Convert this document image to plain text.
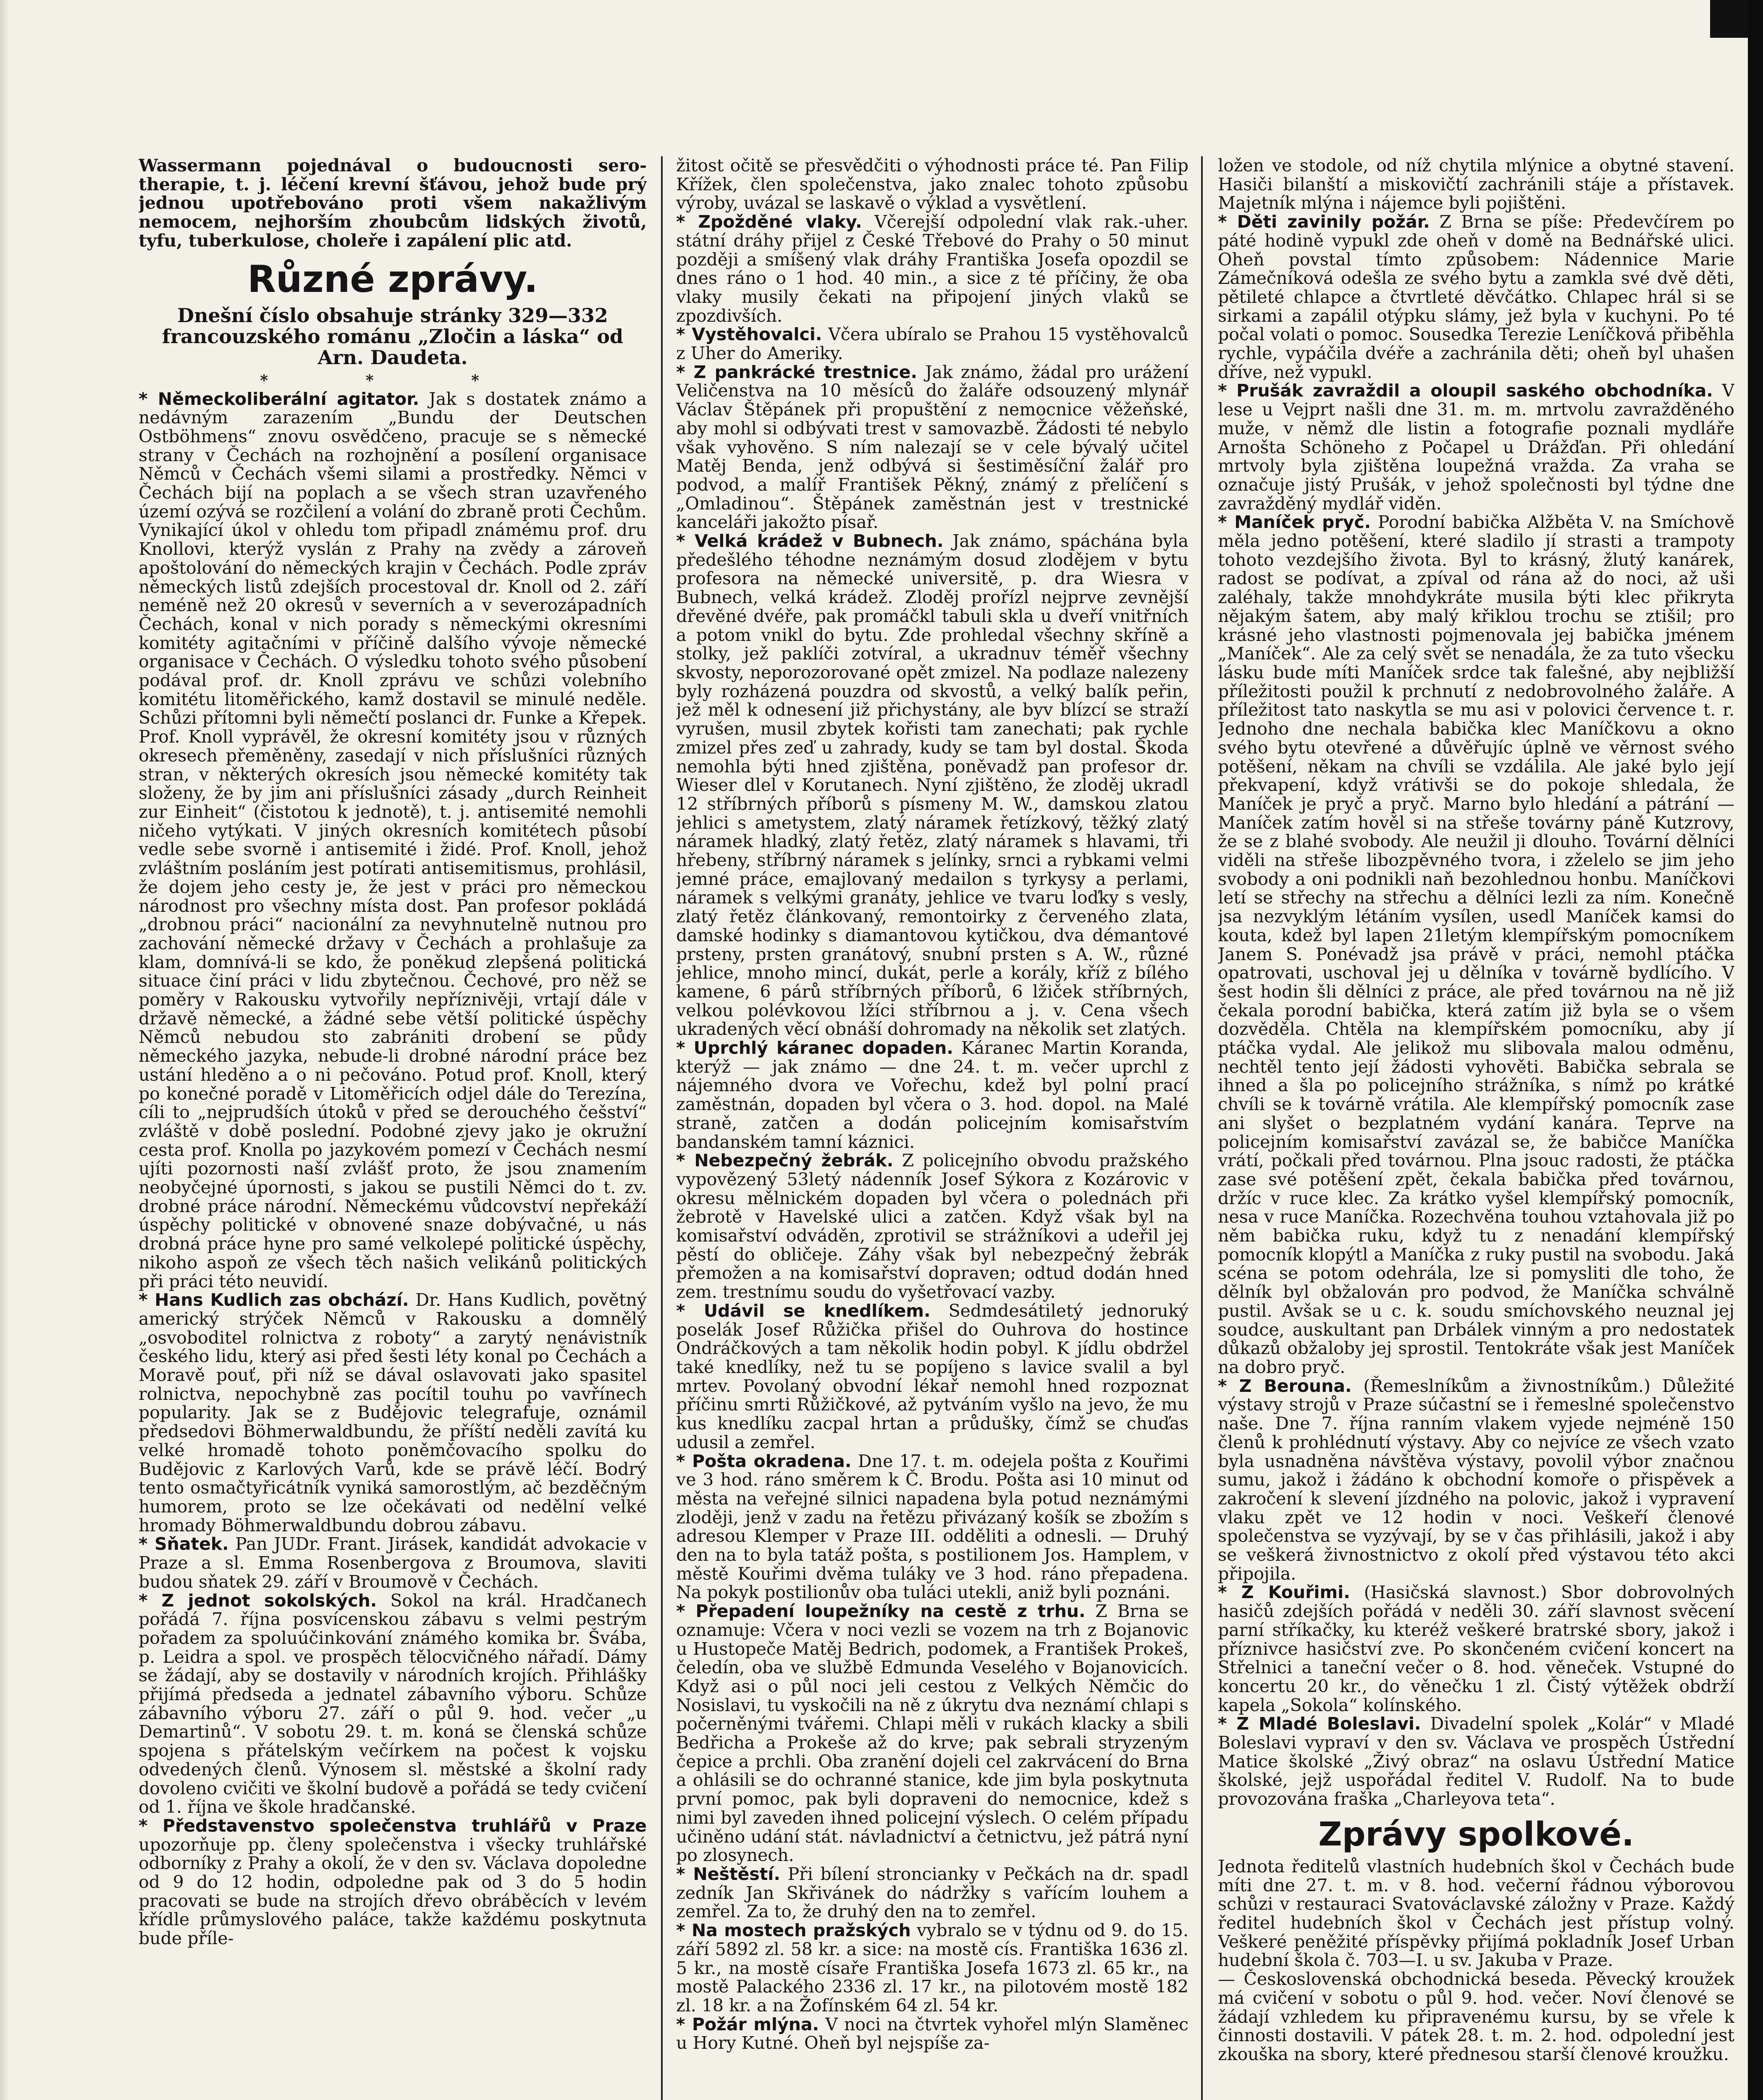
Wassermann pojednával o budoucnosti sero-therapie, t. j. léčení krevní šťávou, jehož bude prý jednou upotřebováno proti všem nakažlivým nemocem, nejhorším zhoubcům lidských životů, tyfu, tuberkulose, choleře i zapálení plic atd.

Různé zprávy.
Dnešní číslo obsahuje stránky 329—332 francouzského románu „Zločin a láska“ od Arn. Daudeta.
* * *

* Německoliberální agitator. Jak s dostatek známo a nedávným zarazením „Bundu der Deutschen Ostböhmens“ znovu osvědčeno, pracuje se s německé strany v Čechách na rozhojnění a posílení organisace Němců v Čechách všemi silami a prostředky. Němci v Čechách bijí na poplach a se všech stran uzavřeného území ozývá se rozčilení a volání do zbraně proti Čechům. Vynikající úkol v ohledu tom připadl známému prof. dru Knollovi, kterýž vyslán z Prahy na zvědy a zároveň apoštolování do německých krajin v Čechách. Podle zpráv německých listů zdejších procestoval dr. Knoll od 2. září neméně než 20 okresů v severních a v severozápadních Čechách, konal v nich porady s německými okresními komitéty agitačními v příčině dalšího vývoje německé organisace v Čechách. O výsledku tohoto svého působení podával prof. dr. Knoll zprávu ve schůzi volebního komitétu litoměřického, kamž dostavil se minulé neděle. Schůzi přítomni byli němečtí poslanci dr. Funke a Křepek. Prof. Knoll vyprávěl, že okresní komitéty jsou v různých okresech přeměněny, zasedají v nich příslušníci různých stran, v některých okresích jsou německé komitéty tak složeny, že by jim ani příslušníci zásady „durch Reinheit zur Einheit“ (čistotou k jednotě), t. j. antisemité nemohli ničeho vytýkati. V jiných okresních komitétech působí vedle sebe svorně i antisemité i židé. Prof. Knoll, jehož zvláštním posláním jest potírati antisemitismus, prohlásil, že dojem jeho cesty je, že jest v práci pro německou národnost pro všechny místa dost. Pan profesor pokládá „drobnou práci“ nacionální za nevyhnutelně nutnou pro zachování německé državy v Čechách a prohlašuje za klam, domnívá-li se kdo, že poněkud zlepšená politická situace činí práci v lidu zbytečnou. Čechové, pro něž se poměry v Rakousku vytvořily nepříznivěji, vrtají dále v državě německé, a žádné sebe větší politické úspěchy Němců nebudou sto zabrániti drobení se půdy německého jazyka, nebude-li drobné národní práce bez ustání hleděno a o ni pečováno. Potud prof. Knoll, který po konečné poradě v Litoměřicích odjel dále do Terezína, cíli to „nejprudších útoků v před se derouchého češství“ zvláště v době poslední. Podobné zjevy jako je okružní cesta prof. Knolla po jazykovém pomezí v Čechách nesmí ujíti pozornosti naší zvlášť proto, že jsou znamením neobyčejné úpornosti, s jakou se pustili Němci do t. zv. drobné práce národní. Německému vůdcovství nepřekáží úspěchy politické v obnovené snaze dobývačné, u nás drobná práce hyne pro samé velkolepé politické úspěchy, nikoho aspoň ze všech těch našich velikánů politických při práci této neuvidí.

* Hans Kudlich zas obchází. Dr. Hans Kudlich, povětný americký strýček Němců v Rakousku a domnělý „osvoboditel rolnictva z roboty“ a zarytý nenávistník českého lidu, který asi před šesti léty konal po Čechách a Moravě pouť, při níž se dával oslavovati jako spasitel rolnictva, nepochybně zas pocítil touhu po vavřínech popularity. Jak se z Budějovic telegrafuje, oznámil předsedovi Böhmerwaldbundu, že příští neděli zavítá ku velké hromadě tohoto poněmčovacího spolku do Budějovic z Karlových Varů, kde se právě léčí. Bodrý tento osmačtyřicátník vyniká samorostlým, ač bezděčným humorem, proto se lze očekávati od nedělní velké hromady Böhmerwaldbundu dobrou zábavu.

* Sňatek. Pan JUDr. Frant. Jirásek, kandidát advokacie v Praze a sl. Emma Rosenbergova z Broumova, slaviti budou sňatek 29. září v Broumově v Čechách.

* Z jednot sokolských. Sokol na král. Hradčanech pořádá 7. října posvícenskou zábavu s velmi pestrým pořadem za spoluúčinkování známého komika br. Švába, p. Leidra a spol. ve prospěch tělocvičného nářadí. Dámy se žádají, aby se dostavily v národních krojích. Přihlášky přijímá předseda a jednatel zábavního výboru. Schůze zábavního výboru 27. září o půl 9. hod. večer „u Demartinů“. V sobotu 29. t. m. koná se členská schůze spojena s přátelským večírkem na počest k vojsku odvedených členů. Výnosem sl. městské a školní rady dovoleno cvičiti ve školní budově a pořádá se tedy cvičení od 1. října ve škole hradčanské.

* Představenstvo společenstva truhlářů v Praze upozorňuje pp. členy společenstva i všecky truhlářské odborníky z Prahy a okolí, že v den sv. Václava dopoledne od 9 do 12 hodin, odpoledne pak od 3 do 5 hodin pracovati se bude na strojích dřevo obráběcích v levém křídle průmyslového paláce, takže každému poskytnuta bude příle-

žitost očitě se přesvědčiti o výhodnosti práce té. Pan Filip Křížek, člen společenstva, jako znalec tohoto způsobu výroby, uvázal se laskavě o výklad a vysvětlení.

* Zpožděné vlaky. Včerejší odpolední vlak rak.-uher. státní dráhy přijel z České Třebové do Prahy o 50 minut později a smíšený vlak dráhy Františka Josefa opozdil se dnes ráno o 1 hod. 40 min., a sice z té příčiny, že oba vlaky musily čekati na připojení jiných vlaků se zpozdivších.

* Vystěhovalci. Včera ubíralo se Prahou 15 vystěhovalců z Uher do Ameriky.

* Z pankrácké trestnice. Jak známo, žádal pro urážení Veličenstva na 10 měsíců do žaláře odsouzený mlynář Václav Štěpánek při propuštění z nemocnice věžeňské, aby mohl si odbývati trest v samovazbě. Žádosti té nebylo však vyhověno. S ním nalezají se v cele bývalý učitel Matěj Benda, jenž odbývá si šestiměsíční žalář pro podvod, a malíř František Pěkný, známý z přelíčení s „Omladinou“. Štěpánek zaměstnán jest v trestnické kanceláři jakožto písař.

* Velká krádež v Bubnech. Jak známo, spáchána byla předešlého téhodne neznámým dosud zlodějem v bytu profesora na německé universitě, p. dra Wiesra v Bubnech, velká krádež. Zloděj prořízl nejprve zevnější dřevěné dvéře, pak promáčkl tabuli skla u dveří vnitřních a potom vnikl do bytu. Zde prohledal všechny skříně a stolky, jež paklíči zotvíral, a ukradnuv téměř všechny skvosty, neporozorované opět zmizel. Na podlaze nalezeny byly rozházená pouzdra od skvostů, a velký balík peřin, jež měl k odnesení již přichystány, ale byv blízcí se straží vyrušen, musil zbytek kořisti tam zanechati; pak rychle zmizel přes zeď u zahrady, kudy se tam byl dostal. Škoda nemohla býti hned zjištěna, poněvadž pan profesor dr. Wieser dlel v Korutanech. Nyní zjištěno, že zloděj ukradl 12 stříbrných příborů s písmeny M. W., damskou zlatou jehlici s ametystem, zlatý náramek řetízkový, těžký zlatý náramek hladký, zlatý řetěz, zlatý náramek s hlavami, tři hřebeny, stříbrný náramek s jelínky, srnci a rybkami velmi jemné práce, emajlovaný medailon s tyrkysy a perlami, náramek s velkými granáty, jehlice ve tvaru loďky s vesly, zlatý řetěz článkovaný, remontoirky z červeného zlata, damské hodinky s diamantovou kytičkou, dva démantové prsteny, prsten granátový, snubní prsten s A. W., různé jehlice, mnoho mincí, dukát, perle a korály, kříž z bílého kamene, 6 párů stříbrných příborů, 6 lžiček stříbrných, velkou polévkovou lžíci stříbrnou a j. v. Cena všech ukradených věcí obnáší dohromady na několik set zlatých.

* Uprchlý káranec dopaden. Káranec Martin Koranda, kterýž — jak známo — dne 24. t. m. večer uprchl z nájemného dvora ve Vořechu, kdež byl polní prací zaměstnán, dopaden byl včera o 3. hod. dopol. na Malé straně, zatčen a dodán policejním komisařstvím bandanském tamní káznici.

* Nebezpečný žebrák. Z policejního obvodu pražského vypovězený 53letý nádenník Josef Sýkora z Kozárovic v okresu mělnickém dopaden byl včera o polednách při žebrotě v Havelské ulici a zatčen. Když však byl na komisařství odváděn, zprotivil se strážníkovi a udeřil jej pěstí do obličeje. Záhy však byl nebezpečný žebrák přemožen a na komisařství dopraven; odtud dodán hned zem. trestnímu soudu do vyšetřovací vazby.

* Udávil se knedlíkem. Sedmdesátiletý jednoruký poselák Josef Růžička přišel do Ouhrova do hostince Ondráčkových a tam několik hodin pobyl. K jídlu obdržel také knedlíky, než tu se popíjeno s lavice svalil a byl mrtev. Povolaný obvodní lékař nemohl hned rozpoznat příčinu smrti Růžičkové, až pytváním vyšlo na jevo, že mu kus knedlíku zacpal hrtan a průdušky, čímž se chuďas udusil a zemřel.

* Pošta okradena. Dne 17. t. m. odejela pošta z Kouřimi ve 3 hod. ráno směrem k Č. Brodu. Pošta asi 10 minut od města na veřejné silnici napadena byla potud neznámými zloději, jenž v zadu na řetězu přivázaný košík se zbožím s adresou Klemper v Praze III. odděliti a odnesli. — Druhý den na to byla tatáž pošta, s postilionem Jos. Hamplem, v městě Kouřimi dvěma tuláky ve 3 hod. ráno přepadena. Na pokyk postilionův oba tuláci utekli, aniž byli poznáni.

* Přepadení loupežníky na cestě z trhu. Z Brna se oznamuje: Včera v noci vezli se vozem na trh z Bojanovic u Hustopeče Matěj Bedrich, podomek, a František Prokeš, čeledín, oba ve službě Edmunda Veselého v Bojanovicích. Když asi o půl noci jeli cestou z Velkých Němčic do Nosislavi, tu vyskočili na ně z úkrytu dva neznámí chlapi s počerněnými tvářemi. Chlapi měli v rukách klacky a sbili Bedřicha a Prokeše až do krve; pak sebrali stryzeným čepice a prchli. Oba zranění dojeli cel zakrvácení do Brna a ohlásili se do ochranné stanice, kde jim byla poskytnuta první pomoc, pak byli dopraveni do nemocnice, kdež s nimi byl zaveden ihned policejní výslech. O celém případu učiněno udání stát. návladnictví a četnictvu, jež pátrá nyní po zlosynech.

* Neštěstí. Při bílení stroncianky v Pečkách na dr. spadl zedník Jan Skřivánek do nádržky s vařícím louhem a zemřel. Za to, že druhý den na to zemřel.

* Na mostech pražských vybralo se v týdnu od 9. do 15. září 5892 zl. 58 kr. a sice: na mostě cís. Františka 1636 zl. 5 kr., na mostě císaře Františka Josefa 1673 zl. 65 kr., na mostě Palackého 2336 zl. 17 kr., na pilotovém mostě 182 zl. 18 kr. a na Žofínském 64 zl. 54 kr.

* Požár mlýna. V noci na čtvrtek vyhořel mlýn Slaměnec u Hory Kutné. Oheň byl nejspíše za-

ložen ve stodole, od níž chytila mlýnice a obytné stavení. Hasiči bilanští a miskovičtí zachránili stáje a přístavek. Majetník mlýna i nájemce byli pojištěni.

* Děti zavinily požár. Z Brna se píše: Předevčírem po páté hodině vypukl zde oheň v domě na Bednářské ulici. Oheň povstal tímto způsobem: Nádennice Marie Zámečníková odešla ze svého bytu a zamkla své dvě děti, pětileté chlapce a čtvrtleté děvčátko. Chlapec hrál si se sirkami a zapálil otýpku slámy, jež byla v kuchyni. Po té počal volati o pomoc. Sousedka Terezie Leníčková přiběhla rychle, vypáčila dvéře a zachránila děti; oheň byl uhašen dříve, než vypukl.

* Prušák zavraždil a oloupil saského obchodníka. V lese u Vejprt našli dne 31. m. m. mrtvolu zavražděného muže, v němž dle listin a fotografie poznali mydláře Arnošta Schöneho z Počapel u Drážďan. Při ohledání mrtvoly byla zjištěna loupežná vražda. Za vraha se označuje jistý Prušák, v jehož společnosti byl týdne dne zavražděný mydlář viděn.

* Maníček pryč. Porodní babička Alžběta V. na Smíchově měla jedno potěšení, které sladilo jí strasti a trampoty tohoto vezdejšího života. Byl to krásný, žlutý kanárek, radost se podívat, a zpíval od rána až do noci, až uši zaléhaly, takže mnohdykráte musila býti klec přikryta nějakým šatem, aby malý křiklou trochu se ztišil; pro krásné jeho vlastnosti pojmenovala jej babička jménem „Maníček“. Ale za celý svět se nenadála, že za tuto všecku lásku bude míti Maníček srdce tak falešné, aby nejbližší příležitosti použil k prchnutí z nedobrovolného žaláře. A příležitost tato naskytla se mu asi v polovici července t. r. Jednoho dne nechala babička klec Maníčkovu a okno svého bytu otevřené a důvěřujíc úplně ve věrnost svého potěšení, někam na chvíli se vzdálila. Ale jaké bylo její překvapení, když vrátivši se do pokoje shledala, že Maníček je pryč a pryč. Marno bylo hledání a pátrání — Maníček zatím hověl si na střeše továrny páně Kutzrovy, že se z blahé svobody. Ale neužil ji dlouho. Tovární dělníci viděli na střeše libozpěvného tvora, i zželelo se jim jeho svobody a oni podnikli naň bezohlednou honbu. Maníčkovi letí se střechy na střechu a dělníci lezli za ním. Konečně jsa nezvyklým létáním vysílen, usedl Maníček kamsi do kouta, kdež byl lapen 21letým klempířským pomocníkem Janem S. Ponévadž jsa právě v práci, nemohl ptáčka opatrovati, uschoval jej u dělníka v továrně bydlícího. V šest hodin šli dělníci z práce, ale před továrnou na ně již čekala porodní babička, která zatím již byla se o všem dozvěděla. Chtěla na klempířském pomocníku, aby jí ptáčka vydal. Ale jelikož mu slibovala malou odměnu, nechtěl tento její žádosti vyhověti. Babička sebrala se ihned a šla po policejního strážníka, s nímž po krátké chvíli se k továrně vrátila. Ale klempířský pomocník zase ani slyšet o bezplatném vydání kanára. Teprve na policejním komisařství zavázal se, že babičce Maníčka vrátí, počkali před továrnou. Plna jsouc radosti, že ptáčka zase své potěšení zpět, čekala babička před továrnou, držíc v ruce klec. Za krátko vyšel klempířský pomocník, nesa v ruce Maníčka. Rozechvěna touhou vztahovala již po něm babička ruku, když tu z nenadání klempířský pomocník klopýtl a Maníčka z ruky pustil na svobodu. Jaká scéna se potom odehrála, lze si pomysliti dle toho, že dělník byl obžalován pro podvod, že Maníčka schválně pustil. Avšak se u c. k. soudu smíchovského neuznal jej soudce, auskultant pan Drbálek vinným a pro nedostatek důkazů obžaloby jej sprostil. Tentokráte však jest Maníček na dobro pryč.

* Z Berouna. (Řemeslníkům a živnostníkům.) Důležité výstavy strojů v Praze súčastní se i řemeslné společenstvo naše. Dne 7. října ranním vlakem vyjede nejméně 150 členů k prohlédnutí výstavy. Aby co nejvíce ze všech vzato byla usnadněna návštěva výstavy, povolil výbor značnou sumu, jakož i žádáno k obchodní komoře o přispěvek a zakročení k slevení jízdného na polovic, jakož i vypravení vlaku zpět ve 12 hodin v noci. Veškeří členové společenstva se vyzývají, by se v čas přihlásili, jakož i aby se veškerá živnostnictvo z okolí před výstavou této akci připojila.

* Z Kouřimi. (Hasičská slavnost.) Sbor dobrovolných hasičů zdejších pořádá v neděli 30. září slavnost svěcení parní stříkačky, ku kteréž veškeré bratrské sbory, jakož i příznivce hasičství zve. Po skončeném cvičení koncert na Střelnici a taneční večer o 8. hod. věneček. Vstupné do koncertu 20 kr., do věnečku 1 zl. Čistý výtěžek obdrží kapela „Sokola“ kolínského.

* Z Mladé Boleslavi. Divadelní spolek „Kolár“ v Mladé Boleslavi vypraví v den sv. Václava ve prospěch Ústřední Matice školské „Živý obraz“ na oslavu Ústřední Matice školské, jejž uspořádal ředitel V. Rudolf. Na to bude provozována fraška „Charleyova teta“.

Zprávy spolkové.

Jednota ředitelů vlastních hudebních škol v Čechách bude míti dne 27. t. m. v 8. hod. večerní řádnou výborovou schůzi v restauraci Svatováclavské záložny v Praze. Každý ředitel hudebních škol v Čechách jest přístup volný. Veškeré peněžité příspěvky přijímá pokladník Josef Urban hudební škola č. 703—I. u sv. Jakuba v Praze.

— Československá obchodnická beseda. Pěvecký kroužek má cvičení v sobotu o půl 9. hod. večer. Noví členové se žádají vzhledem ku připravenému kursu, by se vřele k činnosti dostavili. V pátek 28. t. m. 2. hod. odpolední jest zkouška na sbory, které přednesou starší členové kroužku.
